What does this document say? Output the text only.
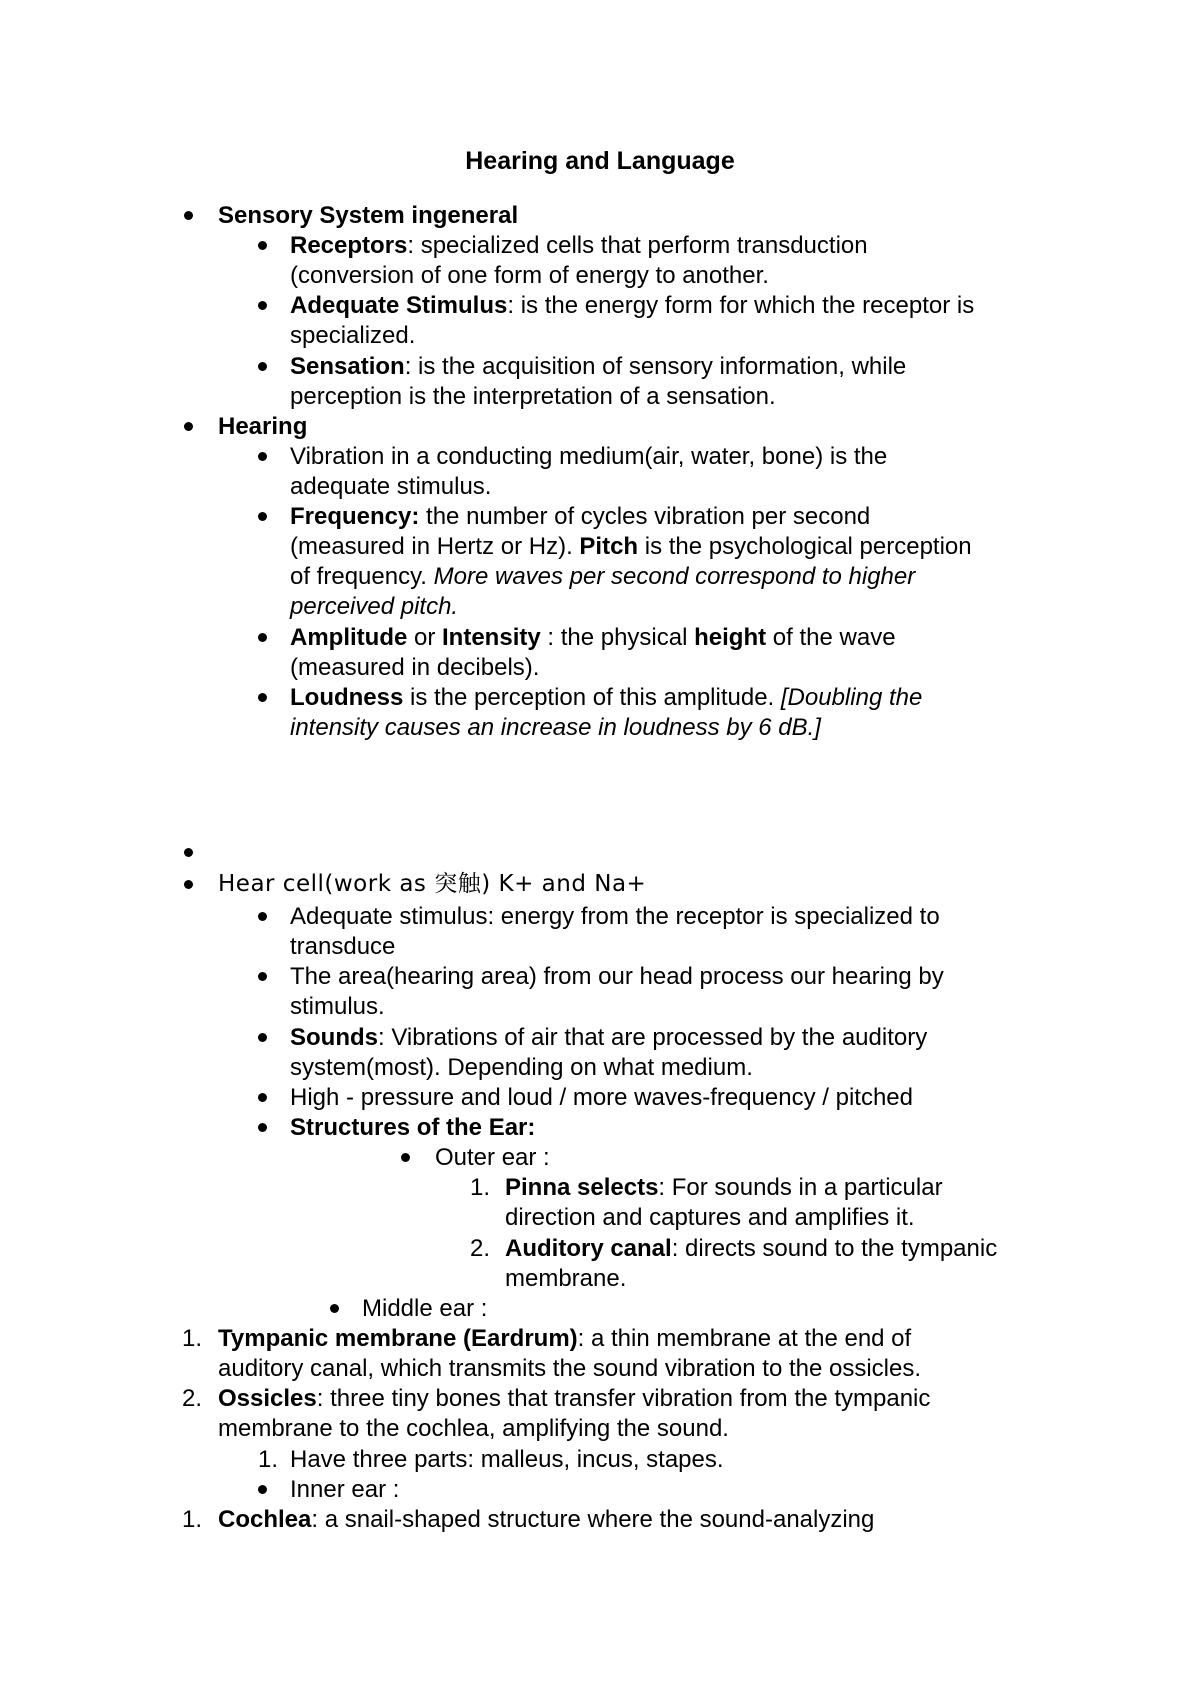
Hearing and Language
Sensory System ingeneral
Receptors: specialized cells that perform transduction
(conversion of one form of energy to another.
Adequate Stimulus: is the energy form for which the receptor is
specialized.
Sensation: is the acquisition of sensory information, while
perception is the interpretation of a sensation.
Hearing
Vibration in a conducting medium(air, water, bone) is the
adequate stimulus.
Frequency: the number of cycles vibration per second
(measured in Hertz or Hz). Pitch is the psychological perception
of frequency. More waves per second correspond to higher
perceived pitch.
Amplitude or Intensity : the physical height of the wave
(measured in decibels).
Loudness is the perception of this amplitude. [Doubling the
intensity causes an increase in loudness by 6 dB.]
Hear cell(work as 突触) K+ and Na+
Adequate stimulus: energy from the receptor is specialized to
transduce
The area(hearing area) from our head process our hearing by
stimulus.
Sounds: Vibrations of air that are processed by the auditory
system(most). Depending on what medium.
High - pressure and loud / more waves-frequency / pitched
Structures of the Ear:
Outer ear :
1. Pinna selects: For sounds in a particular
direction and captures and amplifies it.
2. Auditory canal: directs sound to the tympanic
membrane.
Middle ear :
1. Tympanic membrane (Eardrum): a thin membrane at the end of
auditory canal, which transmits the sound vibration to the ossicles.
2. Ossicles: three tiny bones that transfer vibration from the tympanic
membrane to the cochlea, amplifying the sound.
1. Have three parts: malleus, incus, stapes.
Inner ear :
1. Cochlea: a snail-shaped structure where the sound-analyzing
